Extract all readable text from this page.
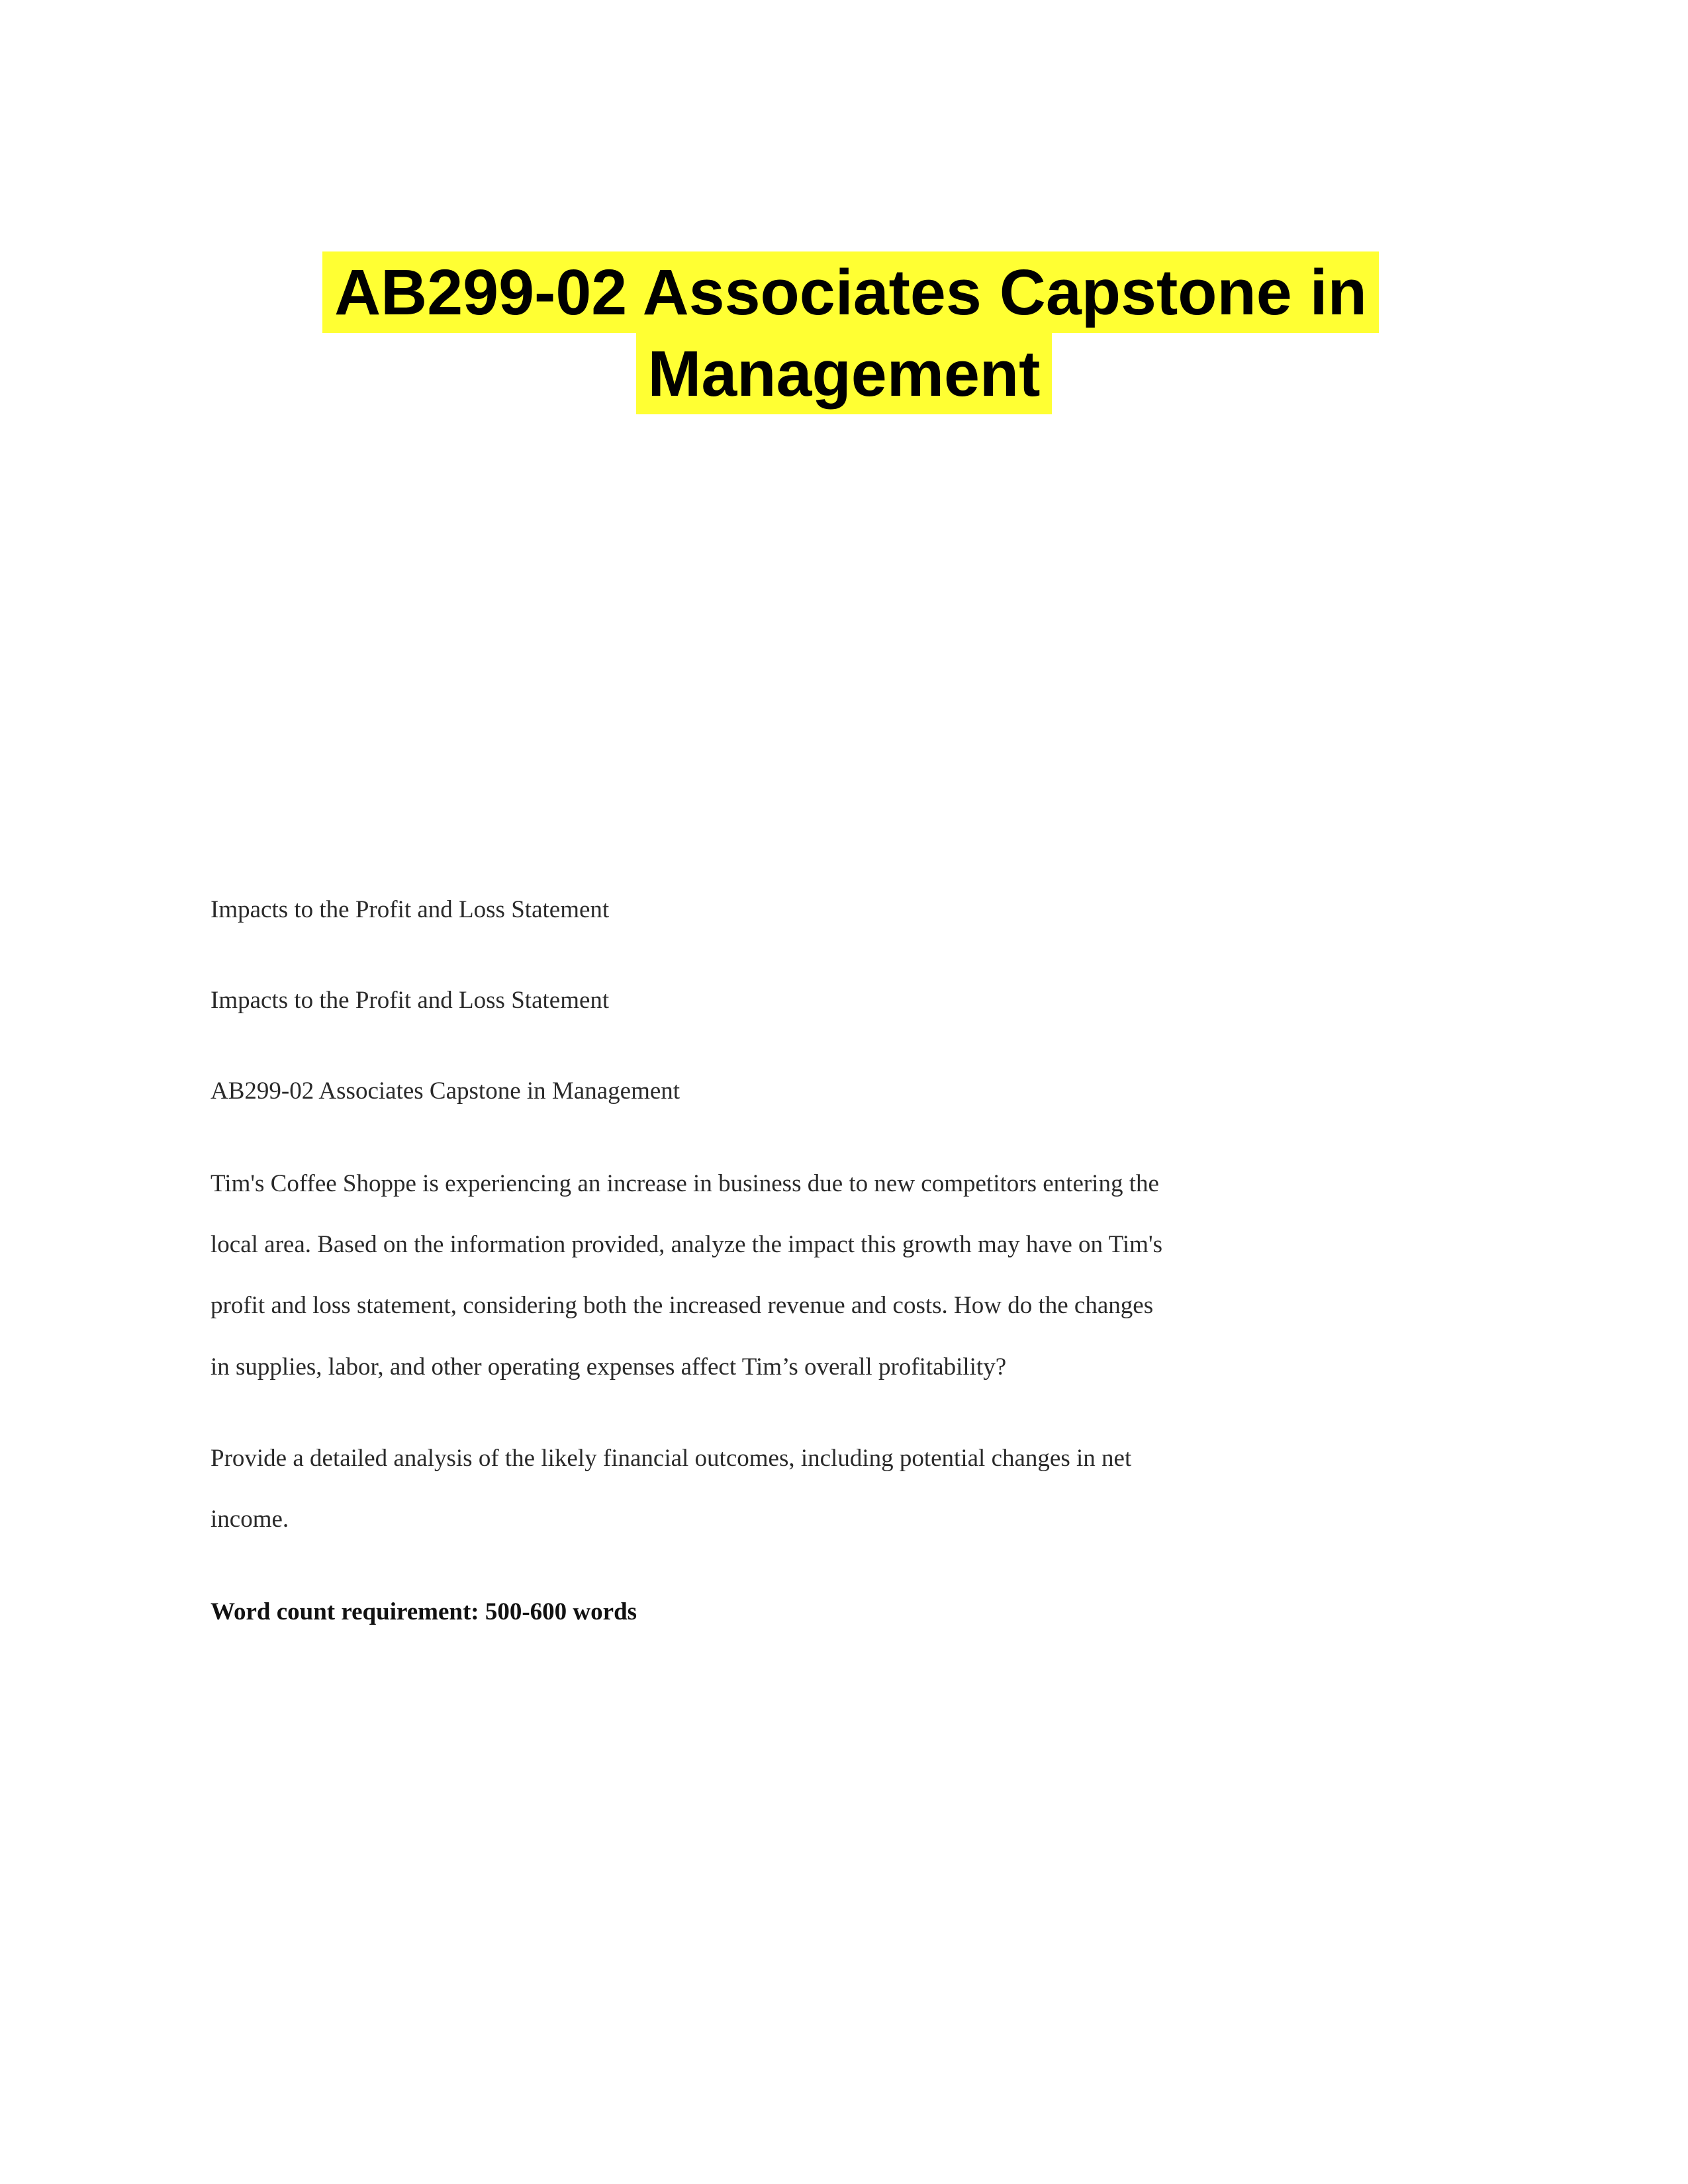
AB299-02 Associates Capstone in
Management
Impacts to the Profit and Loss Statement
Impacts to the Profit and Loss Statement
AB299-02 Associates Capstone in Management
Tim's Coffee Shoppe is experiencing an increase in business due to new competitors entering the
local area. Based on the information provided, analyze the impact this growth may have on Tim's
profit and loss statement, considering both the increased revenue and costs. How do the changes
in supplies, labor, and other operating expenses affect Tim’s overall profitability?
Provide a detailed analysis of the likely financial outcomes, including potential changes in net
income.
Word count requirement: 500-600 words
